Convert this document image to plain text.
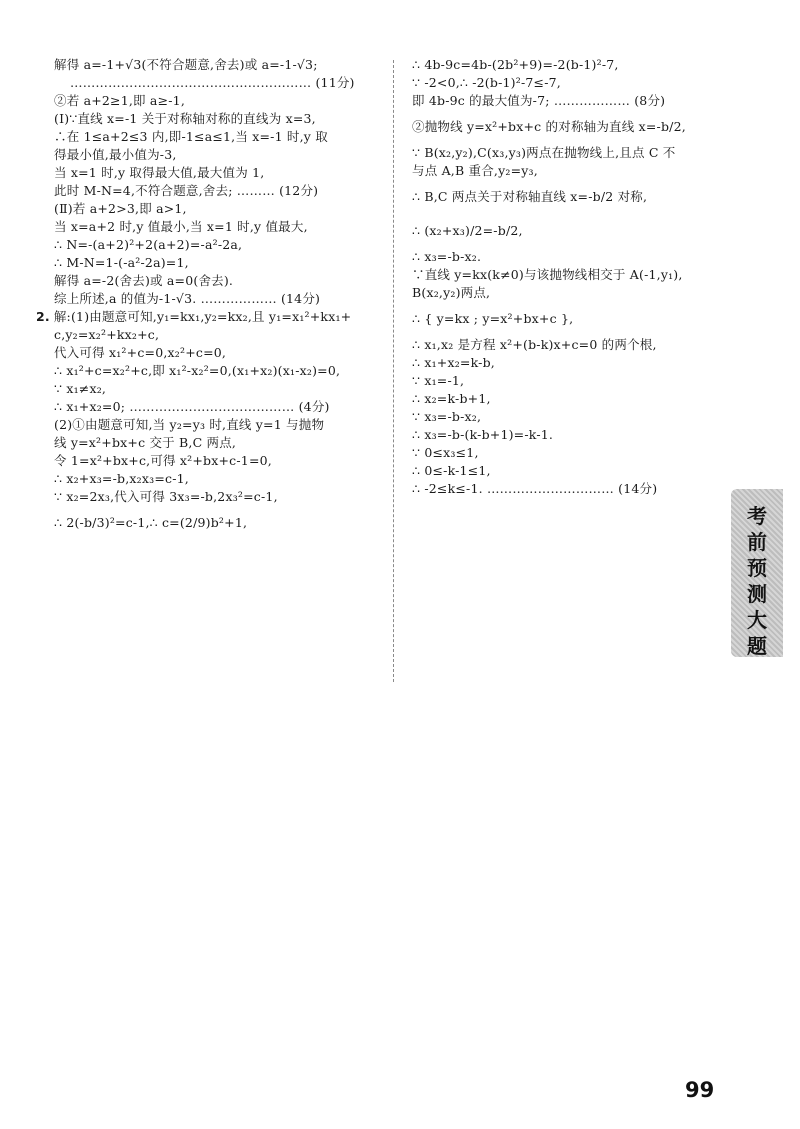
解得 a=-1+√3(不符合题意,舍去)或 a=-1-√3;
………………………………………………… (11分)
②若 a+2≥1,即 a≥-1,
(Ⅰ)∵直线 x=-1 关于对称轴对称的直线为 x=3,
∴在 1≤a+2≤3 内,即-1≤a≤1,当 x=-1 时,y 取
得最小值,最小值为-3,
当 x=1 时,y 取得最大值,最大值为 1,
此时 M-N=4,不符合题意,舍去; ……… (12分)
(Ⅱ)若 a+2>3,即 a>1,
当 x=a+2 时,y 值最小,当 x=1 时,y 值最大,
∴ N=-(a+2)²+2(a+2)=-a²-2a,
∴ M-N=1-(-a²-2a)=1,
解得 a=-2(舍去)或 a=0(舍去).
综上所述,a 的值为-1-√3. ……………… (14分)
2. 解:(1)由题意可知,y₁=kx₁,y₂=kx₂,且 y₁=x₁²+kx₁+
c,y₂=x₂²+kx₂+c,
代入可得 x₁²+c=0,x₂²+c=0,
∴ x₁²+c=x₂²+c,即 x₁²-x₂²=0,(x₁+x₂)(x₁-x₂)=0,
∵ x₁≠x₂,
∴ x₁+x₂=0; ………………………………… (4分)
(2)①由题意可知,当 y₂=y₃ 时,直线 y=1 与抛物
线 y=x²+bx+c 交于 B,C 两点,
令 1=x²+bx+c,可得 x²+bx+c-1=0,
∴ x₂+x₃=-b,x₂x₃=c-1,
∵ x₂=2x₃,代入可得 3x₃=-b,2x₃²=c-1,
∴ 2(-b/3)²=c-1,∴ c=(2/9)b²+1,
∴ 4b-9c=4b-(2b²+9)=-2(b-1)²-7,
∵ -2<0,∴ -2(b-1)²-7≤-7,
即 4b-9c 的最大值为-7; ……………… (8分)
②抛物线 y=x²+bx+c 的对称轴为直线 x=-b/2,
∵ B(x₂,y₂),C(x₃,y₃)两点在抛物线上,且点 C 不
与点 A,B 重合,y₂=y₃,
∴ B,C 两点关于对称轴直线 x=-b/2 对称,
∴ (x₂+x₃)/2=-b/2,
∴ x₃=-b-x₂.
∵直线 y=kx(k≠0)与该抛物线相交于 A(-1,y₁),
B(x₂,y₂)两点,
∴ { y=kx ; y=x²+bx+c },
∴ x₁,x₂ 是方程 x²+(b-k)x+c=0 的两个根,
∴ x₁+x₂=k-b,
∵ x₁=-1,
∴ x₂=k-b+1,
∵ x₃=-b-x₂,
∴ x₃=-b-(k-b+1)=-k-1.
∵ 0≤x₃≤1,
∴ 0≤-k-1≤1,
∴ -2≤k≤-1. ………………………… (14分)
考前预测大题
99
